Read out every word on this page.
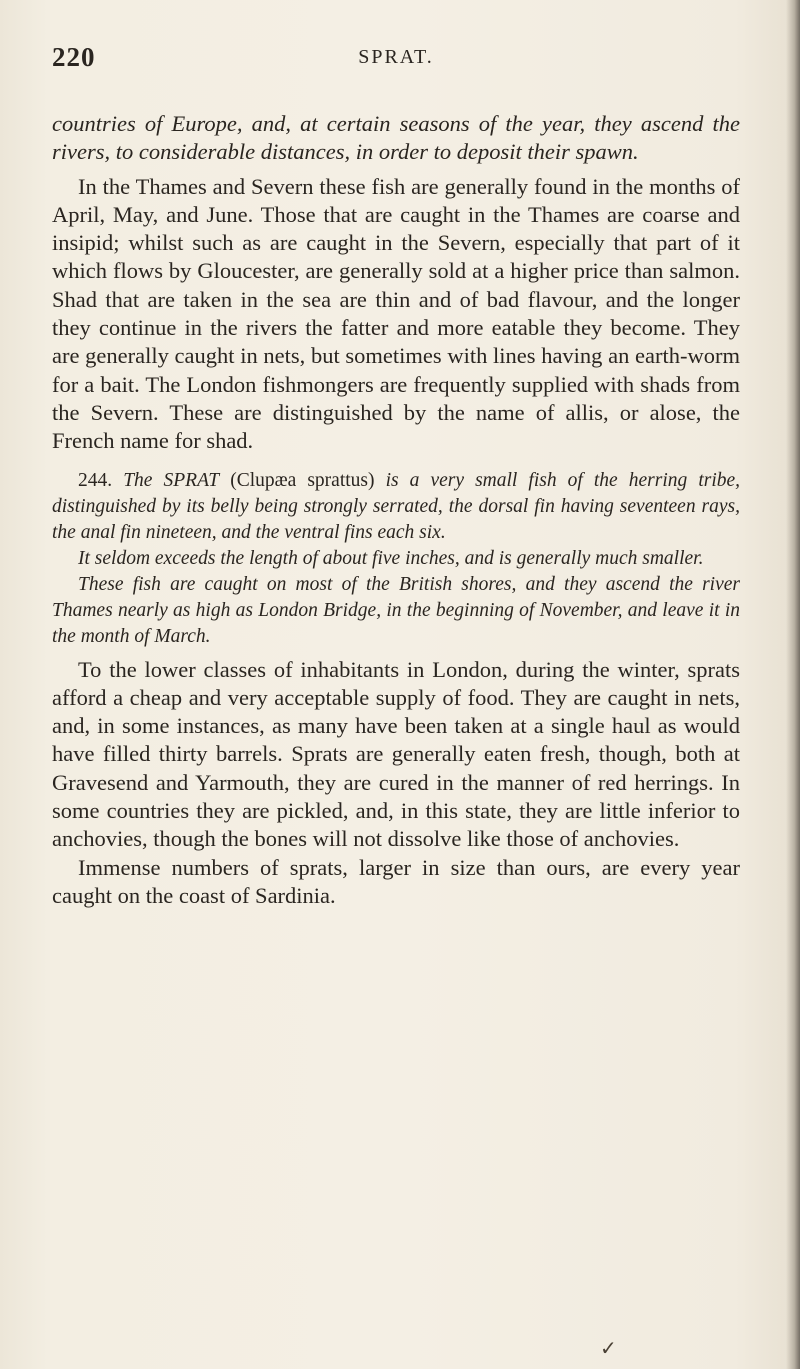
220	SPRAT.

countries of Europe, and, at certain seasons of the year, they ascend the rivers, to considerable distances, in order to deposit their spawn.

In the Thames and Severn these fish are generally found in the months of April, May, and June. Those that are caught in the Thames are coarse and insipid; whilst such as are caught in the Severn, especially that part of it which flows by Gloucester, are generally sold at a higher price than salmon. Shad that are taken in the sea are thin and of bad flavour, and the longer they continue in the rivers the fatter and more eatable they become. They are generally caught in nets, but sometimes with lines having an earth-worm for a bait. The London fishmongers are frequently supplied with shads from the Severn. These are distinguished by the name of allis, or alose, the French name for shad.

244. The SPRAT (Clupæa sprattus) is a very small fish of the herring tribe, distinguished by its belly being strongly serrated, the dorsal fin having seventeen rays, the anal fin nineteen, and the ventral fins each six.

It seldom exceeds the length of about five inches, and is generally much smaller.

These fish are caught on most of the British shores, and they ascend the river Thames nearly as high as London Bridge, in the beginning of November, and leave it in the month of March.

To the lower classes of inhabitants in London, during the winter, sprats afford a cheap and very acceptable supply of food. They are caught in nets, and, in some instances, as many have been taken at a single haul as would have filled thirty barrels. Sprats are generally eaten fresh, though, both at Gravesend and Yarmouth, they are cured in the manner of red herrings. In some countries they are pickled, and, in this state, they are little inferior to anchovies, though the bones will not dissolve like those of anchovies.

Immense numbers of sprats, larger in size than ours, are every year caught on the coast of Sardinia.

✓
